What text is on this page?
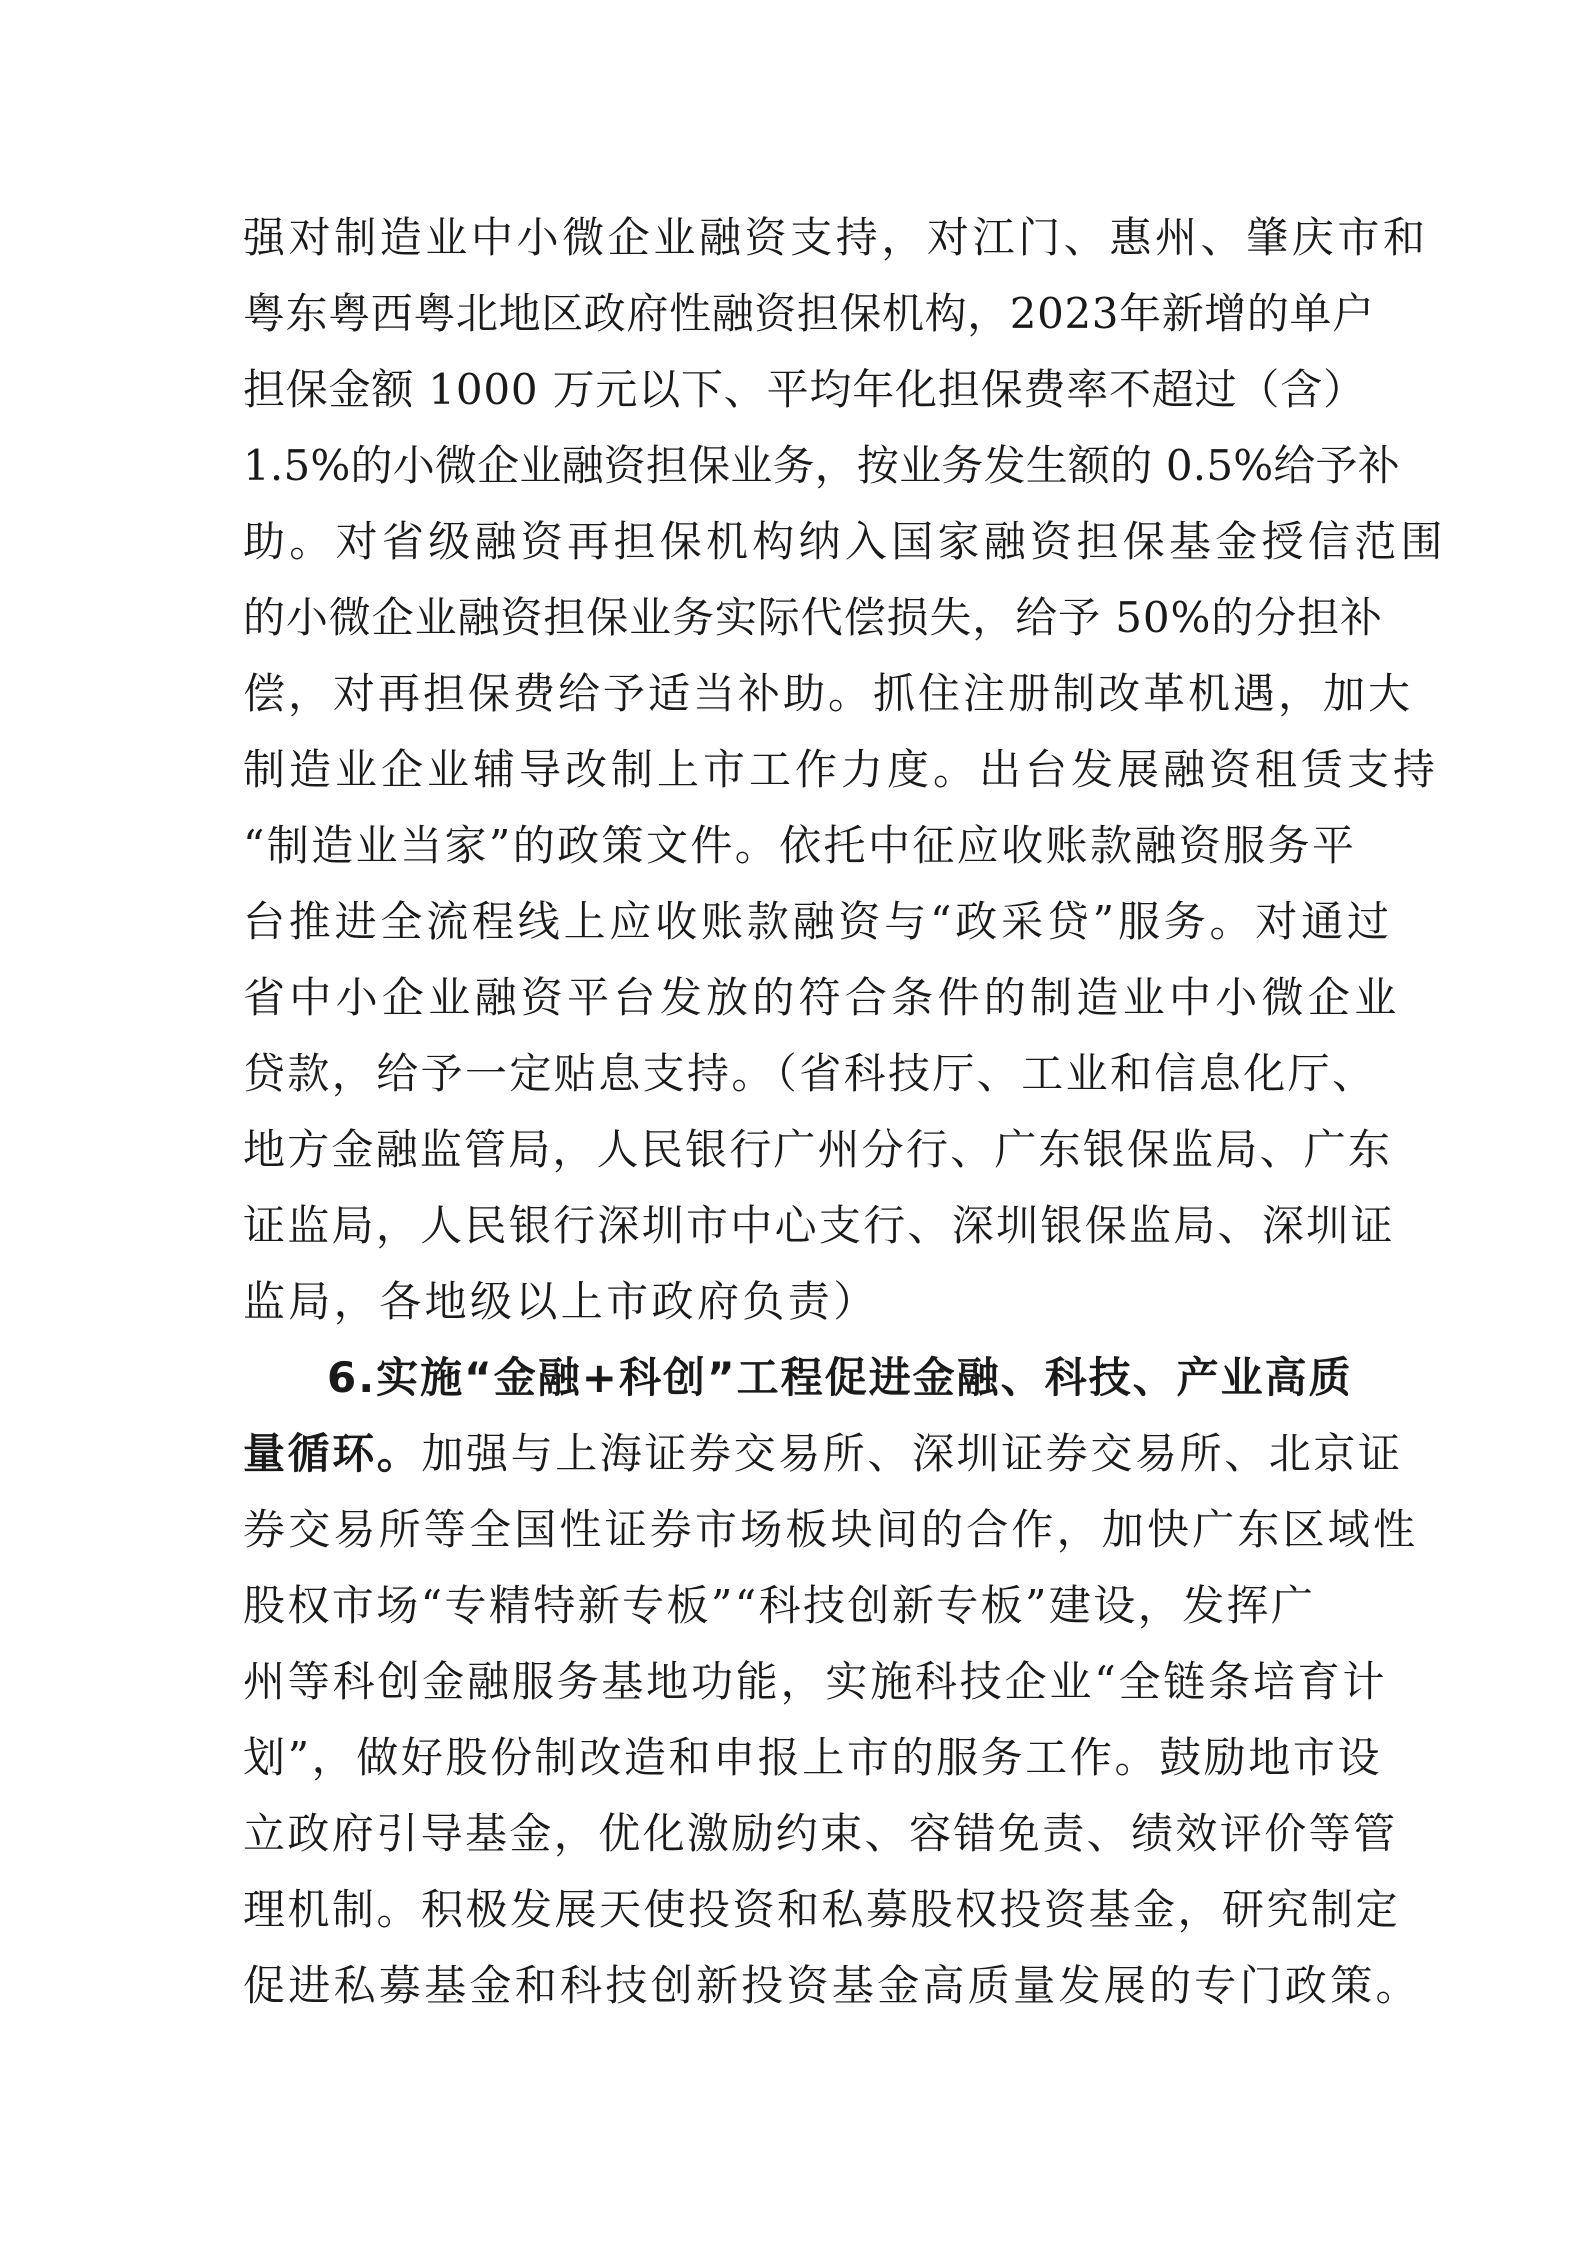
强对制造业中小微企业融资支持，对江门、惠州、肇庆市和
粤东粤西粤北地区政府性融资担保机构，2023年新增的单户
担保金额 1000 万元以下、平均年化担保费率不超过（含）
1.5%的小微企业融资担保业务，按业务发生额的 0.5%给予补
助。对省级融资再担保机构纳入国家融资担保基金授信范围
的小微企业融资担保业务实际代偿损失，给予 50%的分担补
偿，对再担保费给予适当补助。抓住注册制改革机遇，加大
制造业企业辅导改制上市工作力度。出台发展融资租赁支持
“制造业当家”的政策文件。依托中征应收账款融资服务平
台推进全流程线上应收账款融资与“政采贷”服务。对通过
省中小企业融资平台发放的符合条件的制造业中小微企业
贷款，给予一定贴息支持。（省科技厅、工业和信息化厅、
地方金融监管局，人民银行广州分行、广东银保监局、广东
证监局，人民银行深圳市中心支行、深圳银保监局、深圳证
监局，各地级以上市政府负责）
6.实施“金融+科创”工程促进金融、科技、产业高质
量循环。加强与上海证券交易所、深圳证券交易所、北京证
券交易所等全国性证券市场板块间的合作，加快广东区域性
股权市场“专精特新专板”“科技创新专板”建设，发挥广
州等科创金融服务基地功能，实施科技企业“全链条培育计
划”，做好股份制改造和申报上市的服务工作。鼓励地市设
立政府引导基金，优化激励约束、容错免责、绩效评价等管
理机制。积极发展天使投资和私募股权投资基金，研究制定
促进私募基金和科技创新投资基金高质量发展的专门政策。
